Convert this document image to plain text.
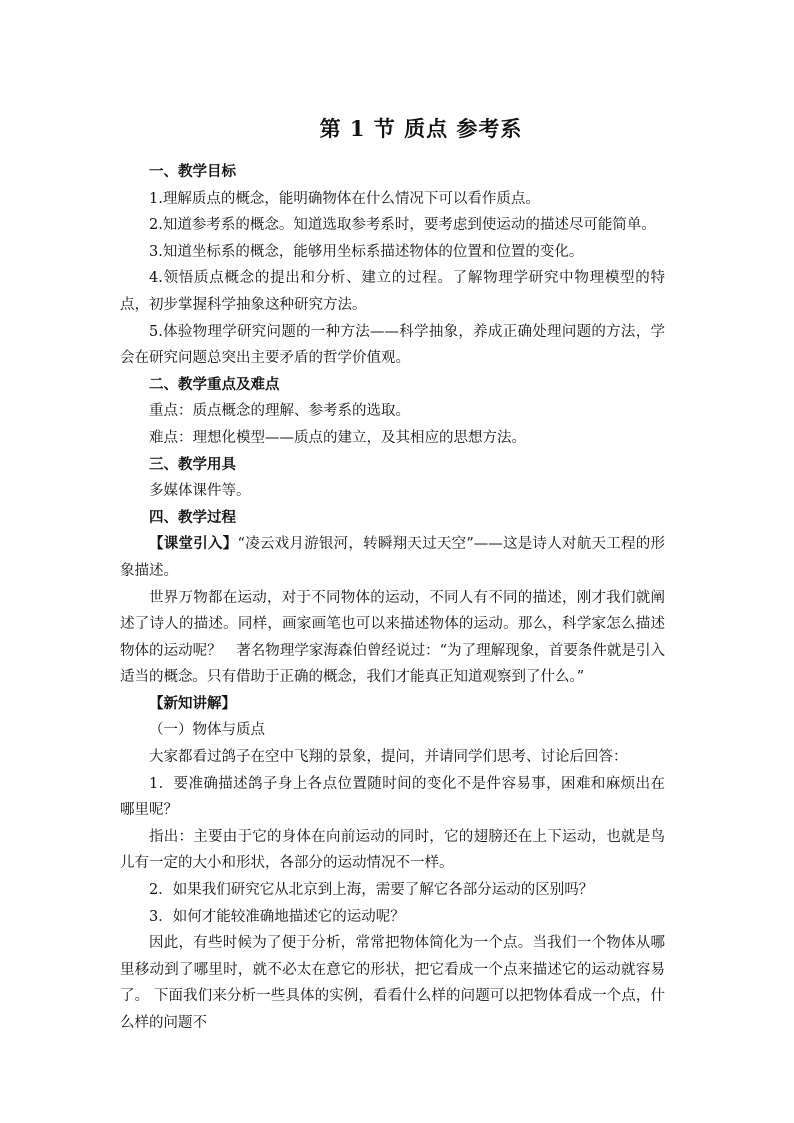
第 1 节 质点 参考系

一、教学目标

1.理解质点的概念，能明确物体在什么情况下可以看作质点。

2.知道参考系的概念。知道选取参考系时，要考虑到使运动的描述尽可能简单。

3.知道坐标系的概念，能够用坐标系描述物体的位置和位置的变化。

4.领悟质点概念的提出和分析、建立的过程。了解物理学研究中物理模型的特点，初步掌握科学抽象这种研究方法。

5.体验物理学研究问题的一种方法——科学抽象，养成正确处理问题的方法，学会在研究问题总突出主要矛盾的哲学价值观。

二、教学重点及难点

重点：质点概念的理解、参考系的选取。

难点：理想化模型——质点的建立，及其相应的思想方法。

三、教学用具

多媒体课件等。

四、教学过程

【课堂引入】“凌云戏月游银河，转瞬翔天过天空”——这是诗人对航天工程的形象描述。

世界万物都在运动，对于不同物体的运动，不同人有不同的描述，刚才我们就阐述了诗人的描述。同样，画家画笔也可以来描述物体的运动。那么，科学家怎么描述物体的运动呢？　著名物理学家海森伯曾经说过：“为了理解现象，首要条件就是引入适当的概念。只有借助于正确的概念，我们才能真正知道观察到了什么。”

【新知讲解】

（一）物体与质点

大家都看过鸽子在空中飞翔的景象，提问，并请同学们思考、讨论后回答：

1．要准确描述鸽子身上各点位置随时间的变化不是件容易事，困难和麻烦出在哪里呢？

指出：主要由于它的身体在向前运动的同时，它的翅膀还在上下运动，也就是鸟儿有一定的大小和形状，各部分的运动情况不一样。

2．如果我们研究它从北京到上海，需要了解它各部分运动的区别吗？

3．如何才能较准确地描述它的运动呢？

因此，有些时候为了便于分析，常常把物体简化为一个点。当我们一个物体从哪里移动到了哪里时，就不必太在意它的形状，把它看成一个点来描述它的运动就容易了。 下面我们来分析一些具体的实例，看看什么样的问题可以把物体看成一个点，什么样的问题不
